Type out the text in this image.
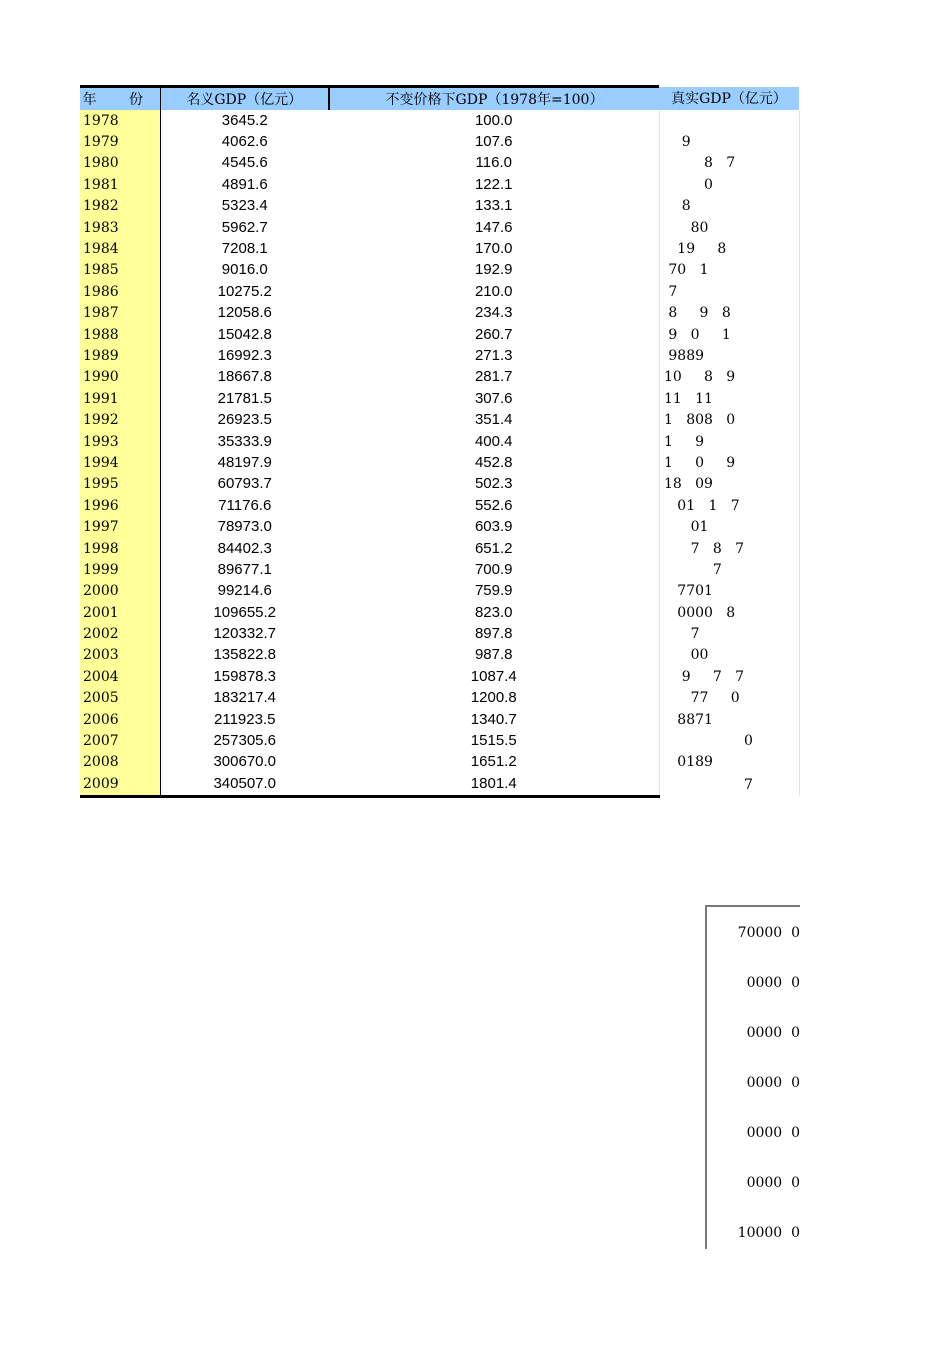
年 份	名义GDP（亿元）	不变价格下GDP（1978年=100）	真实GDP（亿元）
1978	3645.2	100.0	
1979	4062.6	107.6	9
1980	4545.6	116.0	8   7
1981	4891.6	122.1	0
1982	5323.4	133.1	8
1983	5962.7	147.6	80
1984	7208.1	170.0	19     8
1985	9016.0	192.9	70   1
1986	10275.2	210.0	7
1987	12058.6	234.3	8     9   8
1988	15042.8	260.7	9   0     1
1989	16992.3	271.3	9889
1990	18667.8	281.7	10     8   9
1991	21781.5	307.6	11   11
1992	26923.5	351.4	1   808   0
1993	35333.9	400.4	1     9
1994	48197.9	452.8	1     0     9
1995	60793.7	502.3	18   09
1996	71176.6	552.6	01   1   7
1997	78973.0	603.9	01
1998	84402.3	651.2	7   8   7
1999	89677.1	700.9	7
2000	99214.6	759.9	7701
2001	109655.2	823.0	0000   8
2002	120332.7	897.8	7
2003	135822.8	987.8	00
2004	159878.3	1087.4	9     7   7
2005	183217.4	1200.8	77     0
2006	211923.5	1340.7	8871
2007	257305.6	1515.5	0
2008	300670.0	1651.2	0189
2009	340507.0	1801.4	7
70000  0
0000  0
0000  0
0000  0
0000  0
0000  0
10000  0
